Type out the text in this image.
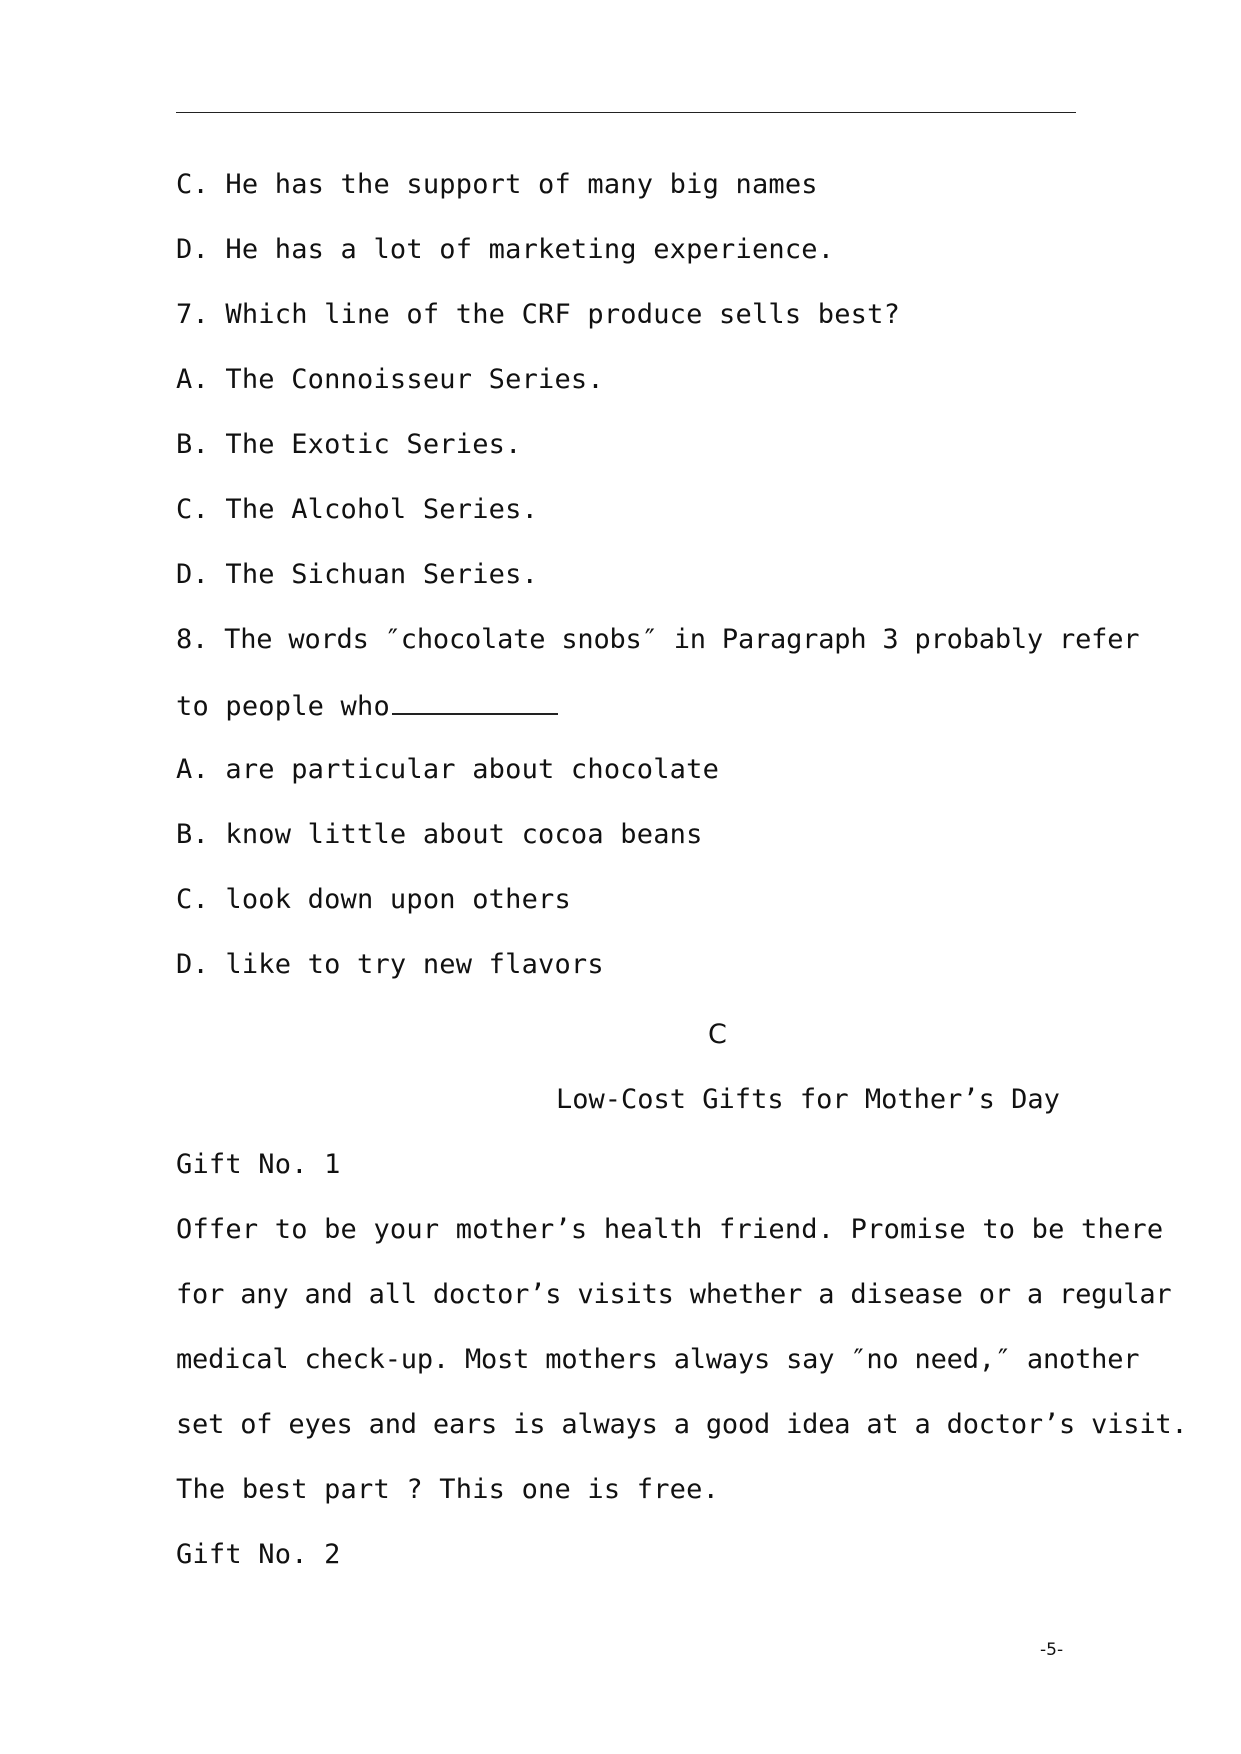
C. He has the support of many big names
D. He has a lot of marketing experience.
7. Which line of the CRF produce sells best?
A. The Connoisseur Series.
B. The Exotic Series.
C. The Alcohol Series.
D. The Sichuan Series.
8. The words ″chocolate snobs″ in Paragraph 3 probably refer
to people who
A. are particular about chocolate
B. know little about cocoa beans
C. look down upon others
D. like to try new flavors
C
Low-Cost Gifts for Mother’s Day
Gift No. 1
Offer to be your mother’s health friend. Promise to be there
for any and all doctor’s visits whether a disease or a regular
medical check-up. Most mothers always say ″no need,″ another
set of eyes and ears is always a good idea at a doctor’s visit.
The best part ? This one is free.
Gift No. 2
-5-
